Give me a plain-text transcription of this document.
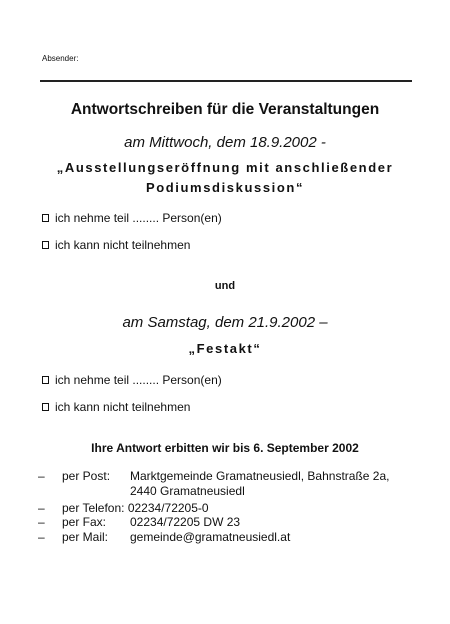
Absender:
Antwortschreiben für die Veranstaltungen
am Mittwoch, dem 18.9.2002 -
„Ausstellungseröffnung mit anschließender
Podiumsdiskussion“
ich nehme teil ........ Person(en)
ich kann nicht teilnehmen
und
am Samstag, dem 21.9.2002 –
„Festakt“
ich nehme teil ........ Person(en)
ich kann nicht teilnehmen
Ihre Antwort erbitten wir bis 6. September 2002
–	per Post: Marktgemeinde Gramatneusiedl, Bahnstraße 2a,
2440 Gramatneusiedl
–	per Telefon: 02234/72205-0
–	per Fax: 02234/72205 DW 23
–	per Mail: gemeinde@gramatneusiedl.at
